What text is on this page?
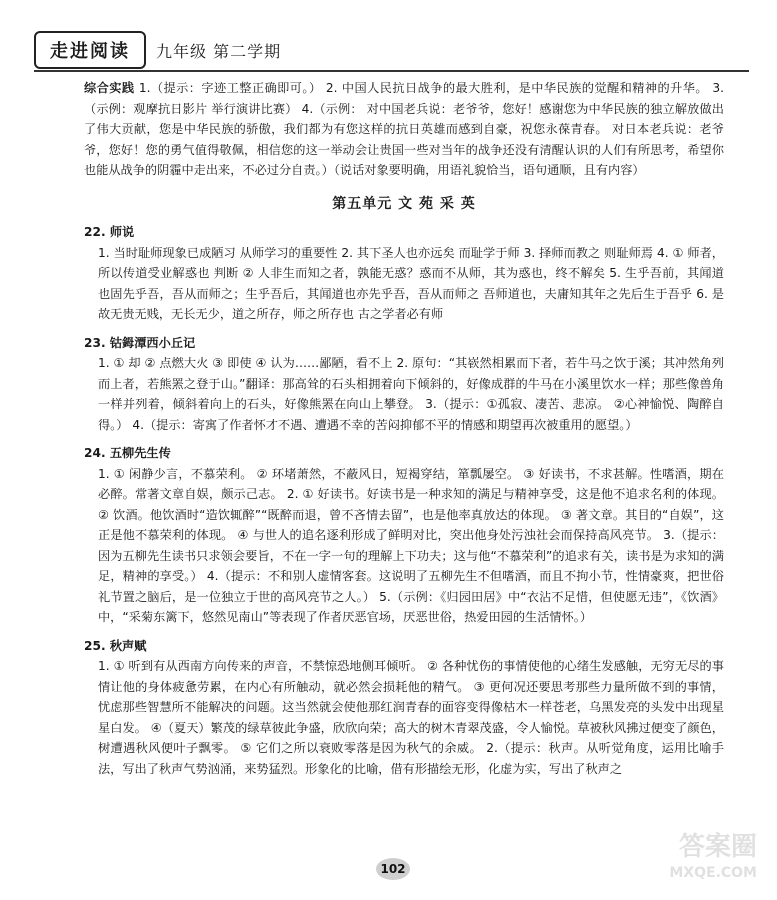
走进阅读	九年级 第二学期

综合实践 1.（提示：字迹工整正确即可。） 2. 中国人民抗日战争的最大胜利，是中华民族的觉醒和精神的升华。 3.（示例：观摩抗日影片 举行演讲比赛） 4.（示例： 对中国老兵说：老爷爷，您好！感谢您为中华民族的独立解放做出了伟大贡献，您是中华民族的骄傲，我们都为有您这样的抗日英雄而感到自豪，祝您永葆青春。 对日本老兵说：老爷爷，您好！您的勇气值得敬佩，相信您的这一举动会让贵国一些对当年的战争还没有清醒认识的人们有所思考，希望你也能从战争的阴霾中走出来，不必过分自责。）（说话对象要明确，用语礼貌恰当，语句通顺，且有内容）

第五单元 文 苑 采 英
22. 师说

1. 当时耻师现象已成陋习 从师学习的重要性 2. 其下圣人也亦远矣 而耻学于师 3. 择师而教之 则耻师焉 4. ① 师者，所以传道受业解惑也 判断 ② 人非生而知之者，孰能无惑？惑而不从师，其为惑也，终不解矣 5. 生乎吾前，其闻道也固先乎吾，吾从而师之；生乎吾后，其闻道也亦先乎吾，吾从而师之 吾师道也，夫庸知其年之先后生于吾乎 6. 是故无贵无贱，无长无少，道之所存，师之所存也 古之学者必有师

23. 钴鉧潭西小丘记

1. ① 却 ② 点燃大火 ③ 即使 ④ 认为……鄙陋，看不上 2. 原句：“其嵚然相累而下者，若牛马之饮于溪；其冲然角列而上者，若熊罴之登于山。”翻译：那高耸的石头相拥着向下倾斜的，好像成群的牛马在小溪里饮水一样；那些像兽角一样并列着，倾斜着向上的石头，好像熊罴在向山上攀登。 3.（提示：①孤寂、凄苦、悲凉。 ②心神愉悦、陶醉自得。） 4.（提示：寄寓了作者怀才不遇、遭遇不幸的苦闷抑郁不平的情感和期望再次被重用的愿望。）

24. 五柳先生传

1. ① 闲静少言，不慕荣利。 ② 环堵萧然，不蔽风日，短褐穿结，箪瓢屡空。 ③ 好读书，不求甚解。性嗜酒，期在必醉。常著文章自娱，颇示己志。 2. ① 好读书。好读书是一种求知的满足与精神享受，这是他不追求名利的体现。 ② 饮酒。他饮酒时“造饮辄醉”“既醉而退，曾不吝情去留”，也是他率真放达的体现。 ③ 著文章。其目的“自娱”，这正是他不慕荣利的体现。 ④ 与世人的追名逐利形成了鲜明对比，突出他身处污浊社会而保持高风亮节。 3.（提示：因为五柳先生读书只求领会要旨，不在一字一句的理解上下功夫；这与他“不慕荣利”的追求有关，读书是为求知的满足，精神的享受。） 4.（提示：不和别人虚情客套。这说明了五柳先生不但嗜酒，而且不拘小节，性情豪爽，把世俗礼节置之脑后，是一位独立于世的高风亮节之人。） 5.（示例：《归园田居》中“衣沾不足惜，但使愿无违”，《饮酒》中，“采菊东篱下，悠然见南山”等表现了作者厌恶官场，厌恶世俗，热爱田园的生活情怀。）

25. 秋声赋

1. ① 听到有从西南方向传来的声音，不禁惊恐地侧耳倾听。 ② 各种忧伤的事情使他的心绪生发感触，无穷无尽的事情让他的身体疲惫劳累，在内心有所触动，就必然会损耗他的精气。 ③ 更何况还要思考那些力量所做不到的事情，忧虑那些智慧所不能解决的问题。这当然就会使他那红润青春的面容变得像枯木一样苍老，乌黑发亮的头发中出现星星白发。 ④（夏天）繁茂的绿草彼此争盛，欣欣向荣；高大的树木青翠茂盛，令人愉悦。草被秋风拂过便变了颜色，树遭遇秋风便叶子飘零。 ⑤ 它们之所以衰败零落是因为秋气的余威。 2.（提示：秋声。从听觉角度，运用比喻手法，写出了秋声气势汹涌，来势猛烈。形象化的比喻，借有形描绘无形，化虚为实，写出了秋声之

102
答案圈
MXQE.COM
